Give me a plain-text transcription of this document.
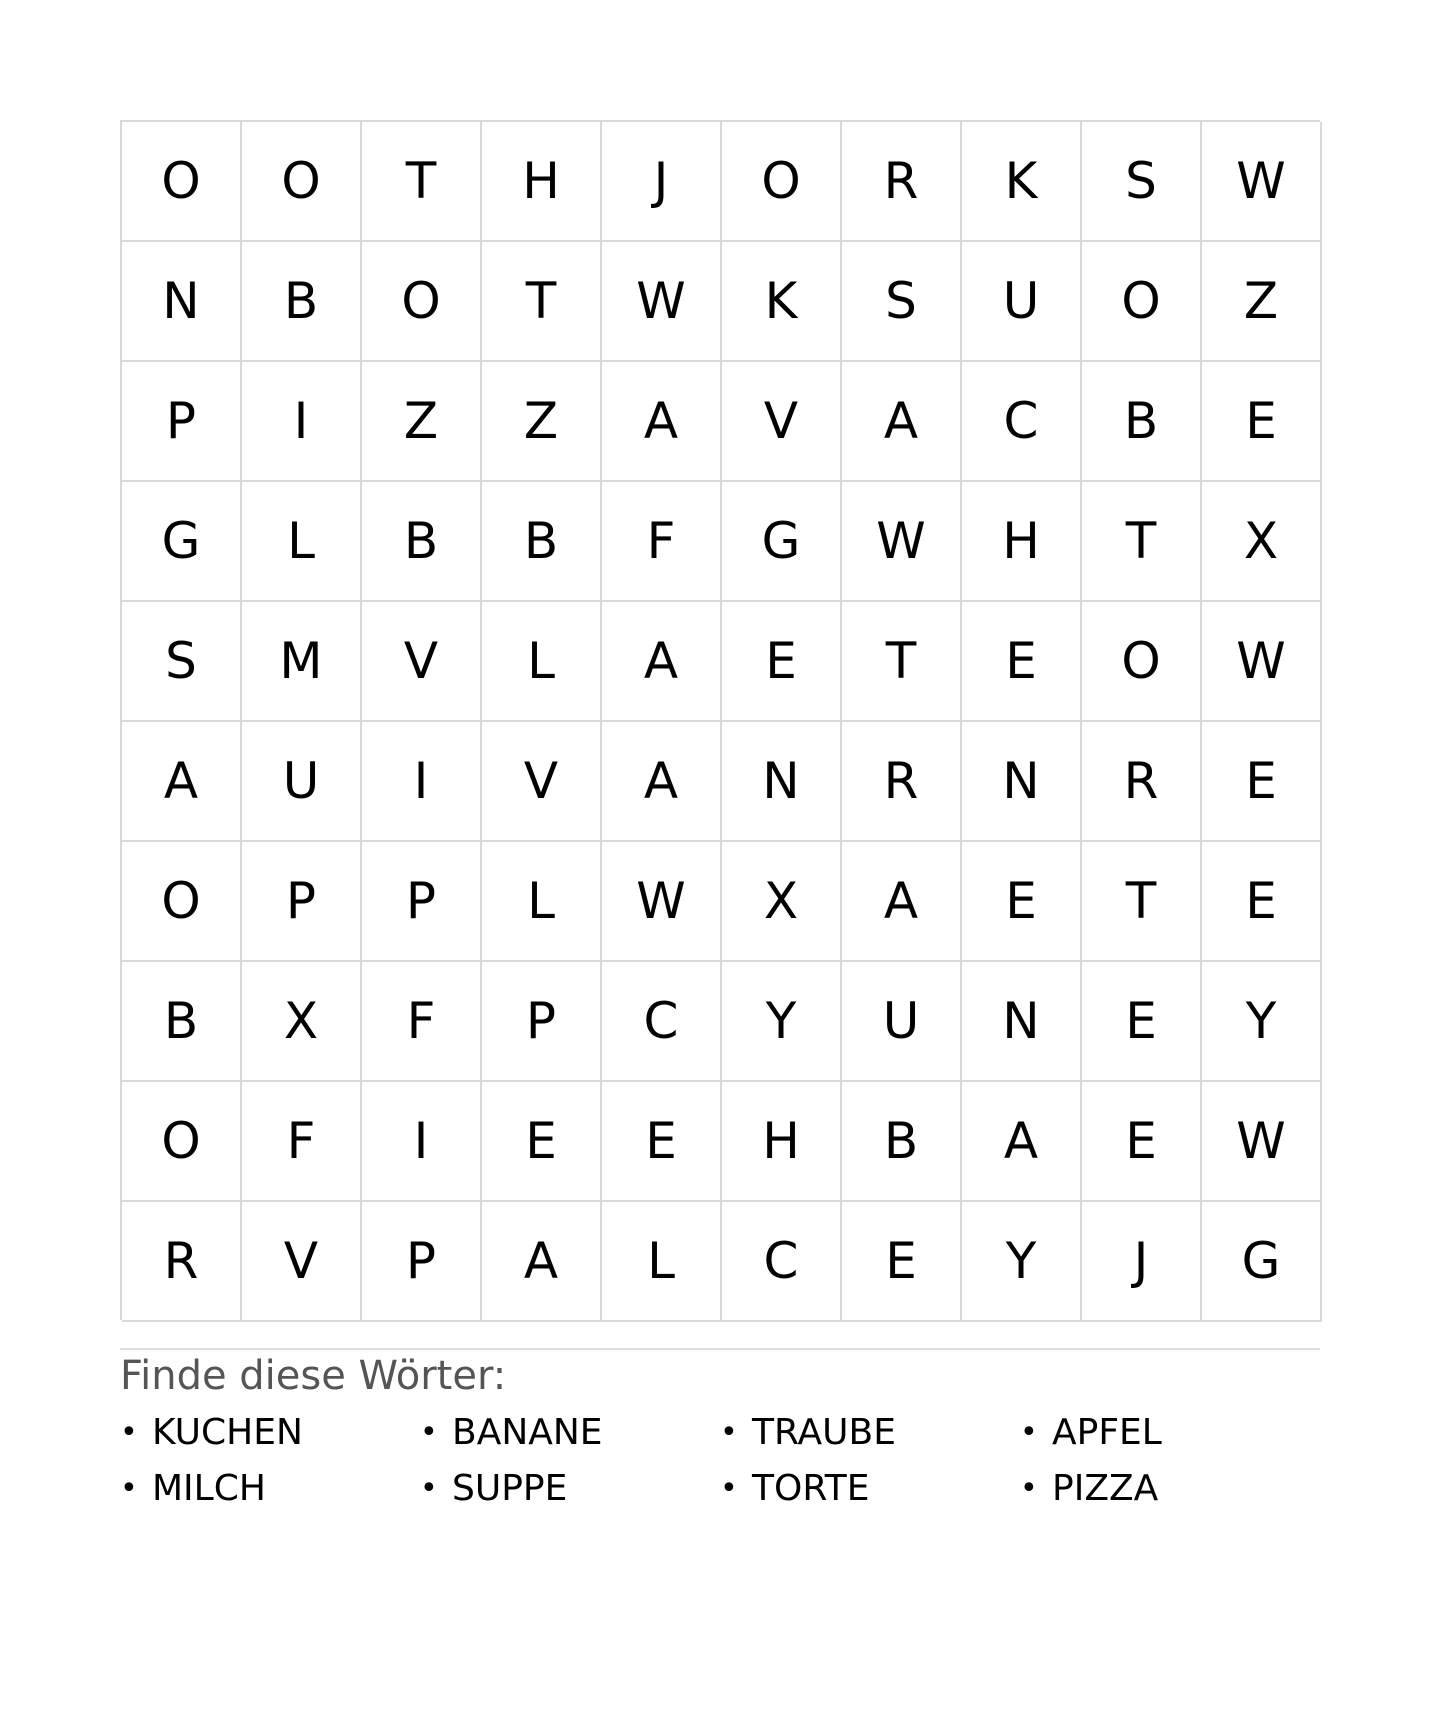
O	O	T	H	J	O	R	K	S	W
N	B	O	T	W	K	S	U	O	Z
P	I	Z	Z	A	V	A	C	B	E
G	L	B	B	F	G	W	H	T	X
S	M	V	L	A	E	T	E	O	W
A	U	I	V	A	N	R	N	R	E
O	P	P	L	W	X	A	E	T	E
B	X	F	P	C	Y	U	N	E	Y
O	F	I	E	E	H	B	A	E	W
R	V	P	A	L	C	E	Y	J	G
Finde diese Wörter:
• KUCHEN	• BANANE	• TRAUBE	• APFEL
• MILCH	• SUPPE	• TORTE	• PIZZA
